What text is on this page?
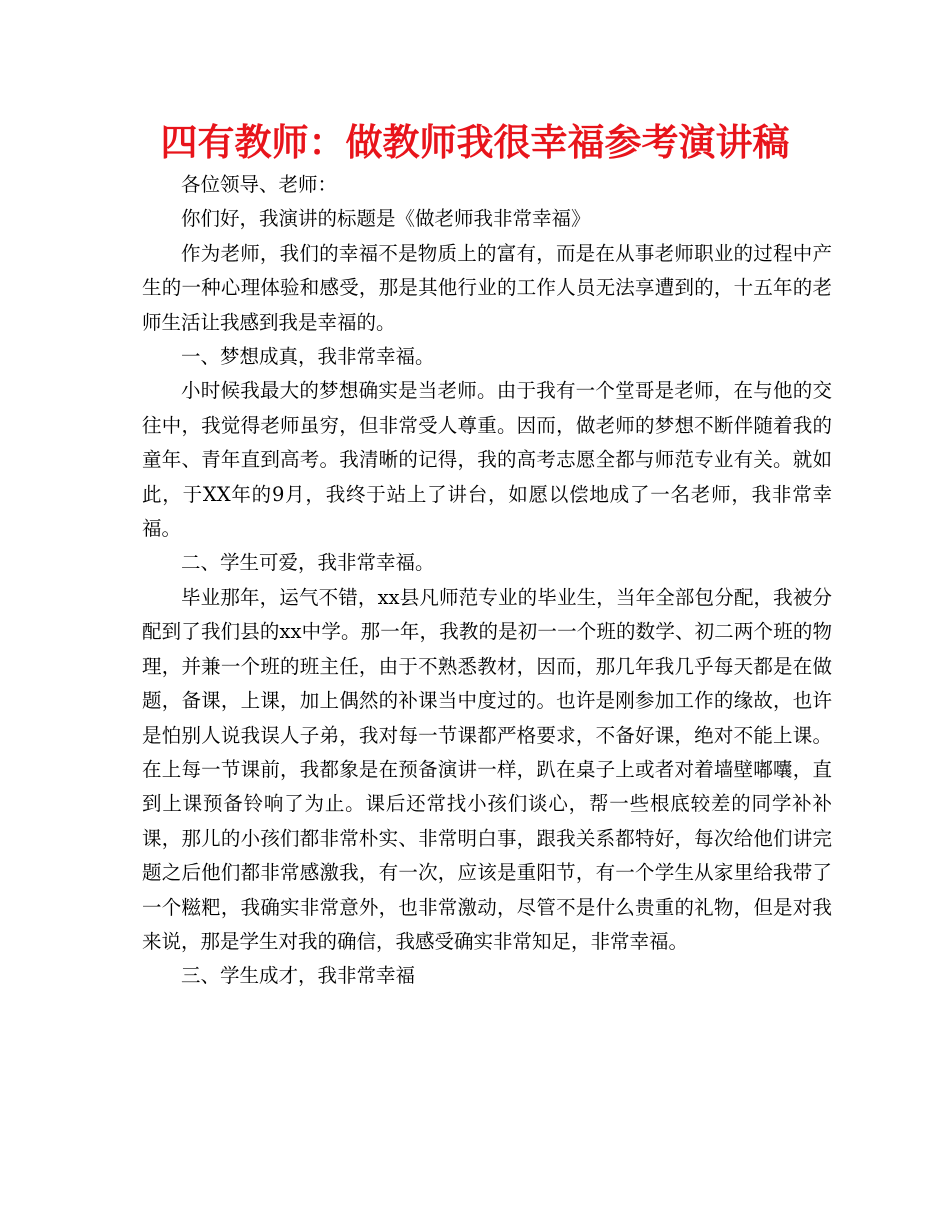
四有教师：做教师我很幸福参考演讲稿

各位领导、老师：

你们好，我演讲的标题是《做老师我非常幸福》

作为老师，我们的幸福不是物质上的富有，而是在从事老师职业的过程中产生的一种心理体验和感受，那是其他行业的工作人员无法享遭到的，十五年的老师生活让我感到我是幸福的。

一、梦想成真，我非常幸福。

小时候我最大的梦想确实是当老师。由于我有一个堂哥是老师，在与他的交往中，我觉得老师虽穷，但非常受人尊重。因而，做老师的梦想不断伴随着我的童年、青年直到高考。我清晰的记得，我的高考志愿全都与师范专业有关。就如此，于XX年的9月，我终于站上了讲台，如愿以偿地成了一名老师，我非常幸福。

二、学生可爱，我非常幸福。

毕业那年，运气不错，xx县凡师范专业的毕业生，当年全部包分配，我被分配到了我们县的xx中学。那一年，我教的是初一一个班的数学、初二两个班的物理，并兼一个班的班主任，由于不熟悉教材，因而，那几年我几乎每天都是在做题，备课，上课，加上偶然的补课当中度过的。也许是刚参加工作的缘故，也许是怕别人说我误人子弟，我对每一节课都严格要求，不备好课，绝对不能上课。在上每一节课前，我都象是在预备演讲一样，趴在桌子上或者对着墙壁嘟囔，直到上课预备铃响了为止。课后还常找小孩们谈心，帮一些根底较差的同学补补课，那儿的小孩们都非常朴实、非常明白事，跟我关系都特好，每次给他们讲完题之后他们都非常感激我，有一次，应该是重阳节，有一个学生从家里给我带了一个糍粑，我确实非常意外，也非常激动，尽管不是什么贵重的礼物，但是对我来说，那是学生对我的确信，我感受确实非常知足，非常幸福。

三、学生成才，我非常幸福
